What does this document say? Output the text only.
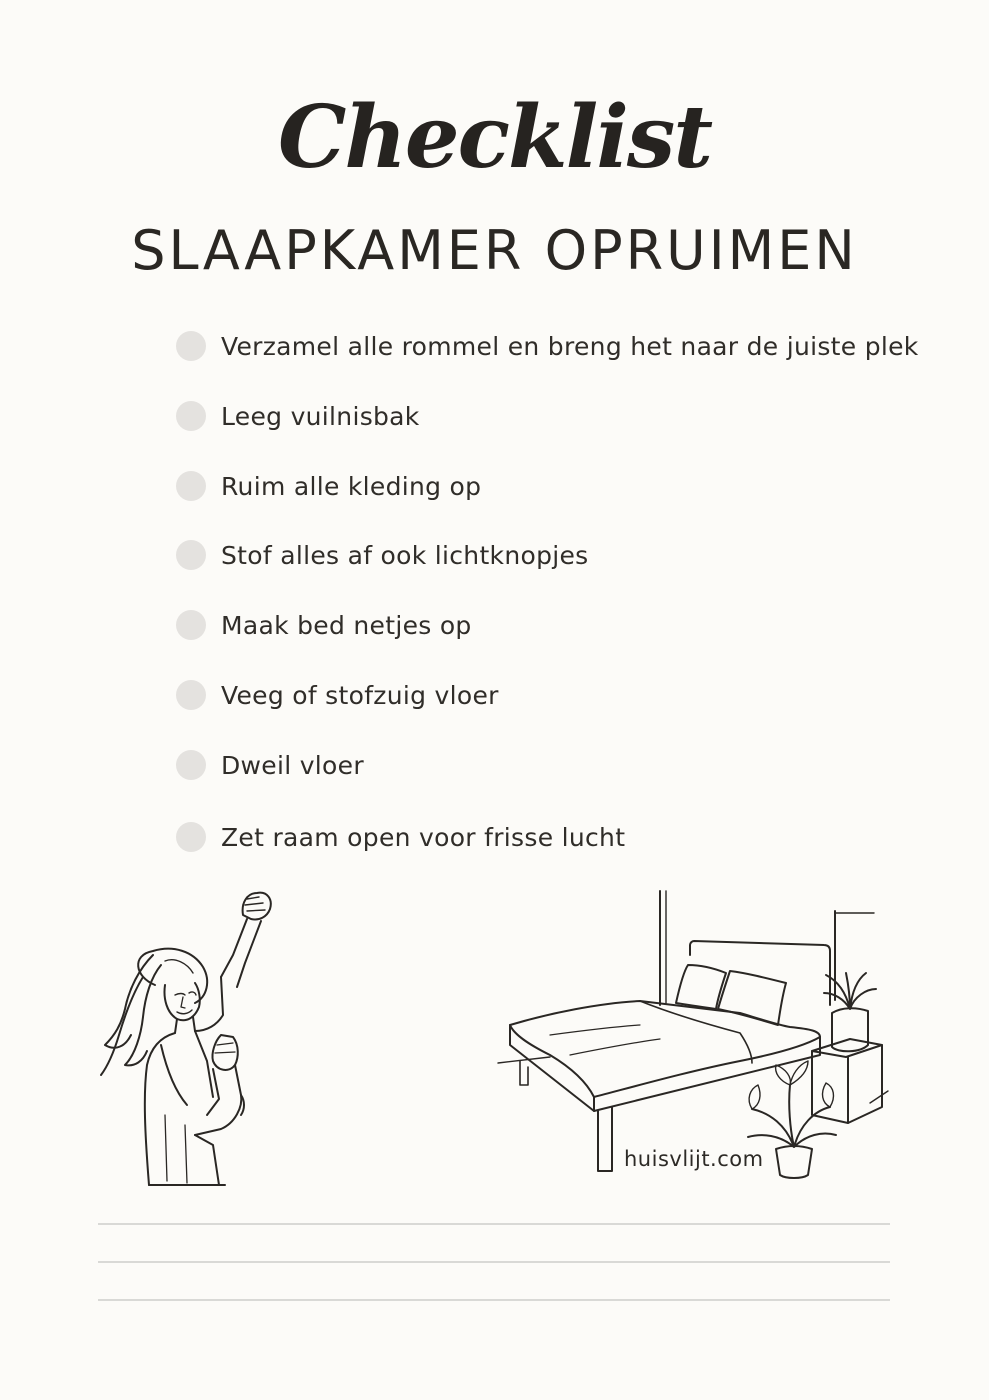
Checklist
SLAAPKAMER OPRUIMEN
Verzamel alle rommel en breng het naar de juiste plek
Leeg vuilnisbak
Ruim alle kleding op
Stof alles af ook lichtknopjes
Maak bed netjes op
Veeg of stofzuig vloer
Dweil vloer
Zet raam open voor frisse lucht
huisvlijt.com
